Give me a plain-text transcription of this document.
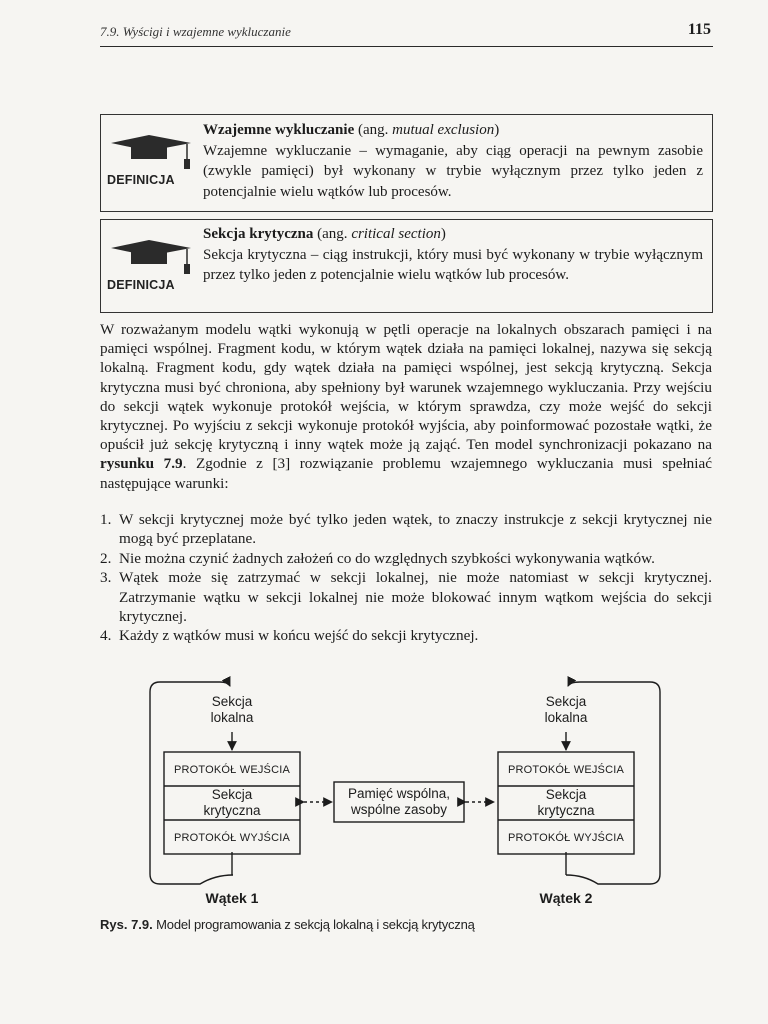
7.9. Wyścigi i wzajemne wykluczanie	115
DEFINICJA
Wzajemne wykluczanie (ang. mutual exclusion)
Wzajemne wykluczanie – wymaganie, aby ciąg operacji na pewnym zasobie (zwykle pamięci) był wykonany w trybie wyłącznym przez tylko jeden z potencjalnie wielu wątków lub procesów.
DEFINICJA
Sekcja krytyczna (ang. critical section)
Sekcja krytyczna – ciąg instrukcji, który musi być wykonany w trybie wyłącznym przez tylko jeden z potencjalnie wielu wątków lub procesów.

W rozważanym modelu wątki wykonują w pętli operacje na lokalnych obszarach pamięci i na pamięci wspólnej. Fragment kodu, w którym wątek działa na pamięci lokalnej, nazywa się sekcją lokalną. Fragment kodu, gdy wątek działa na pamięci wspólnej, jest sekcją krytyczną. Sekcja krytyczna musi być chroniona, aby spełniony był warunek wzajemnego wykluczania. Przy wejściu do sekcji wątek wykonuje protokół wejścia, w którym sprawdza, czy może wejść do sekcji krytycznej. Po wyjściu z sekcji wykonuje protokół wyjścia, aby poinformować pozostałe wątki, że opuścił już sekcję krytyczną i inny wątek może ją zająć. Ten model synchronizacji pokazano na rysunku 7.9. Zgodnie z [3] rozwiązanie problemu wzajemnego wykluczania musi spełniać następujące warunki:

1. W sekcji krytycznej może być tylko jeden wątek, to znaczy instrukcje z sekcji krytycznej nie mogą być przeplatane.
2. Nie można czynić żadnych założeń co do względnych szybkości wykonywania wątków.
3. Wątek może się zatrzymać w sekcji lokalnej, nie może natomiast w sekcji krytycznej. Zatrzymanie wątku w sekcji lokalnej nie może blokować innym wątkom wejścia do sekcji krytycznej.
4. Każdy z wątków musi w końcu wejść do sekcji krytycznej.
Sekcja
lokalna
PROTOKÓŁ WEJŚCIA
Sekcja
krytyczna
PROTOKÓŁ WYJŚCIA
Wątek 1
Pamięć wspólna,
wspólne zasoby
Sekcja
lokalna
PROTOKÓŁ WEJŚCIA
Sekcja
krytyczna
PROTOKÓŁ WYJŚCIA
Wątek 2
Rys. 7.9. Model programowania z sekcją lokalną i sekcją krytyczną
